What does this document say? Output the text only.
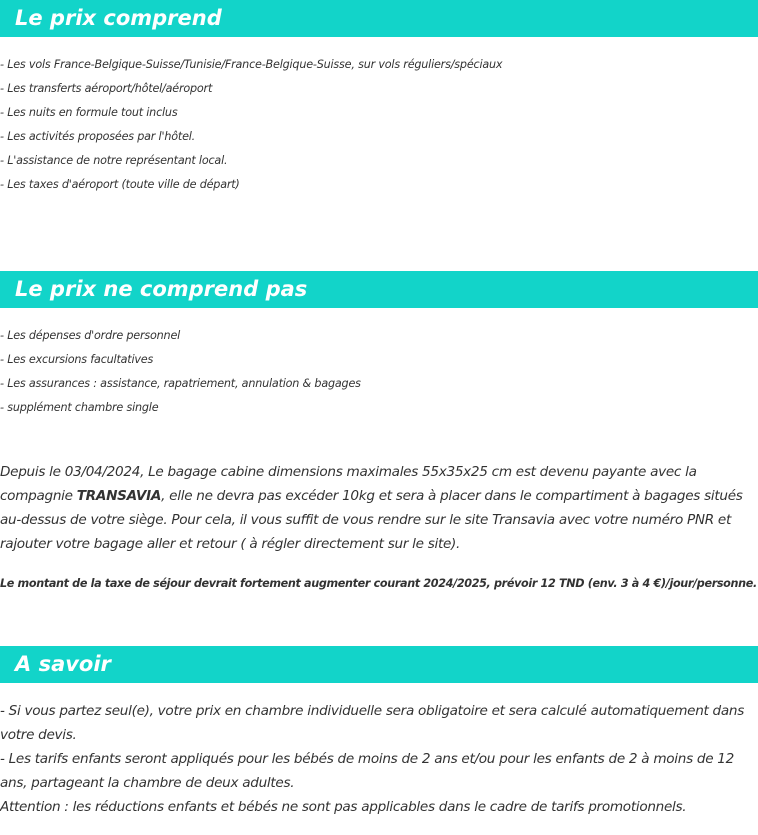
Le prix comprend
- Les vols France-Belgique-Suisse/Tunisie/France-Belgique-Suisse, sur vols réguliers/spéciaux
- Les transferts aéroport/hôtel/aéroport
- Les nuits en formule tout inclus
- Les activités proposées par l'hôtel.
- L'assistance de notre représentant local.
- Les taxes d'aéroport (toute ville de départ)
Le prix ne comprend pas
- Les dépenses d'ordre personnel
- Les excursions facultatives
- Les assurances : assistance, rapatriement, annulation & bagages
- supplément chambre single

Depuis le 03/04/2024, Le bagage cabine dimensions maximales 55x35x25 cm est devenu payante avec la compagnie TRANSAVIA, elle ne devra pas excéder 10kg et sera à placer dans le compartiment à bagages situés au-dessus de votre siège. Pour cela, il vous suffit de vous rendre sur le site Transavia avec votre numéro PNR et rajouter votre bagage aller et retour ( à régler directement sur le site).

Le montant de la taxe de séjour devrait fortement augmenter courant 2024/2025, prévoir 12 TND (env. 3 à 4 €)/jour/personne.

A savoir
- Si vous partez seul(e), votre prix en chambre individuelle sera obligatoire et sera calculé automatiquement dans votre devis.
- Les tarifs enfants seront appliqués pour les bébés de moins de 2 ans et/ou pour les enfants de 2 à moins de 12 ans, partageant la chambre de deux adultes.
Attention : les réductions enfants et bébés ne sont pas applicables dans le cadre de tarifs promotionnels.
